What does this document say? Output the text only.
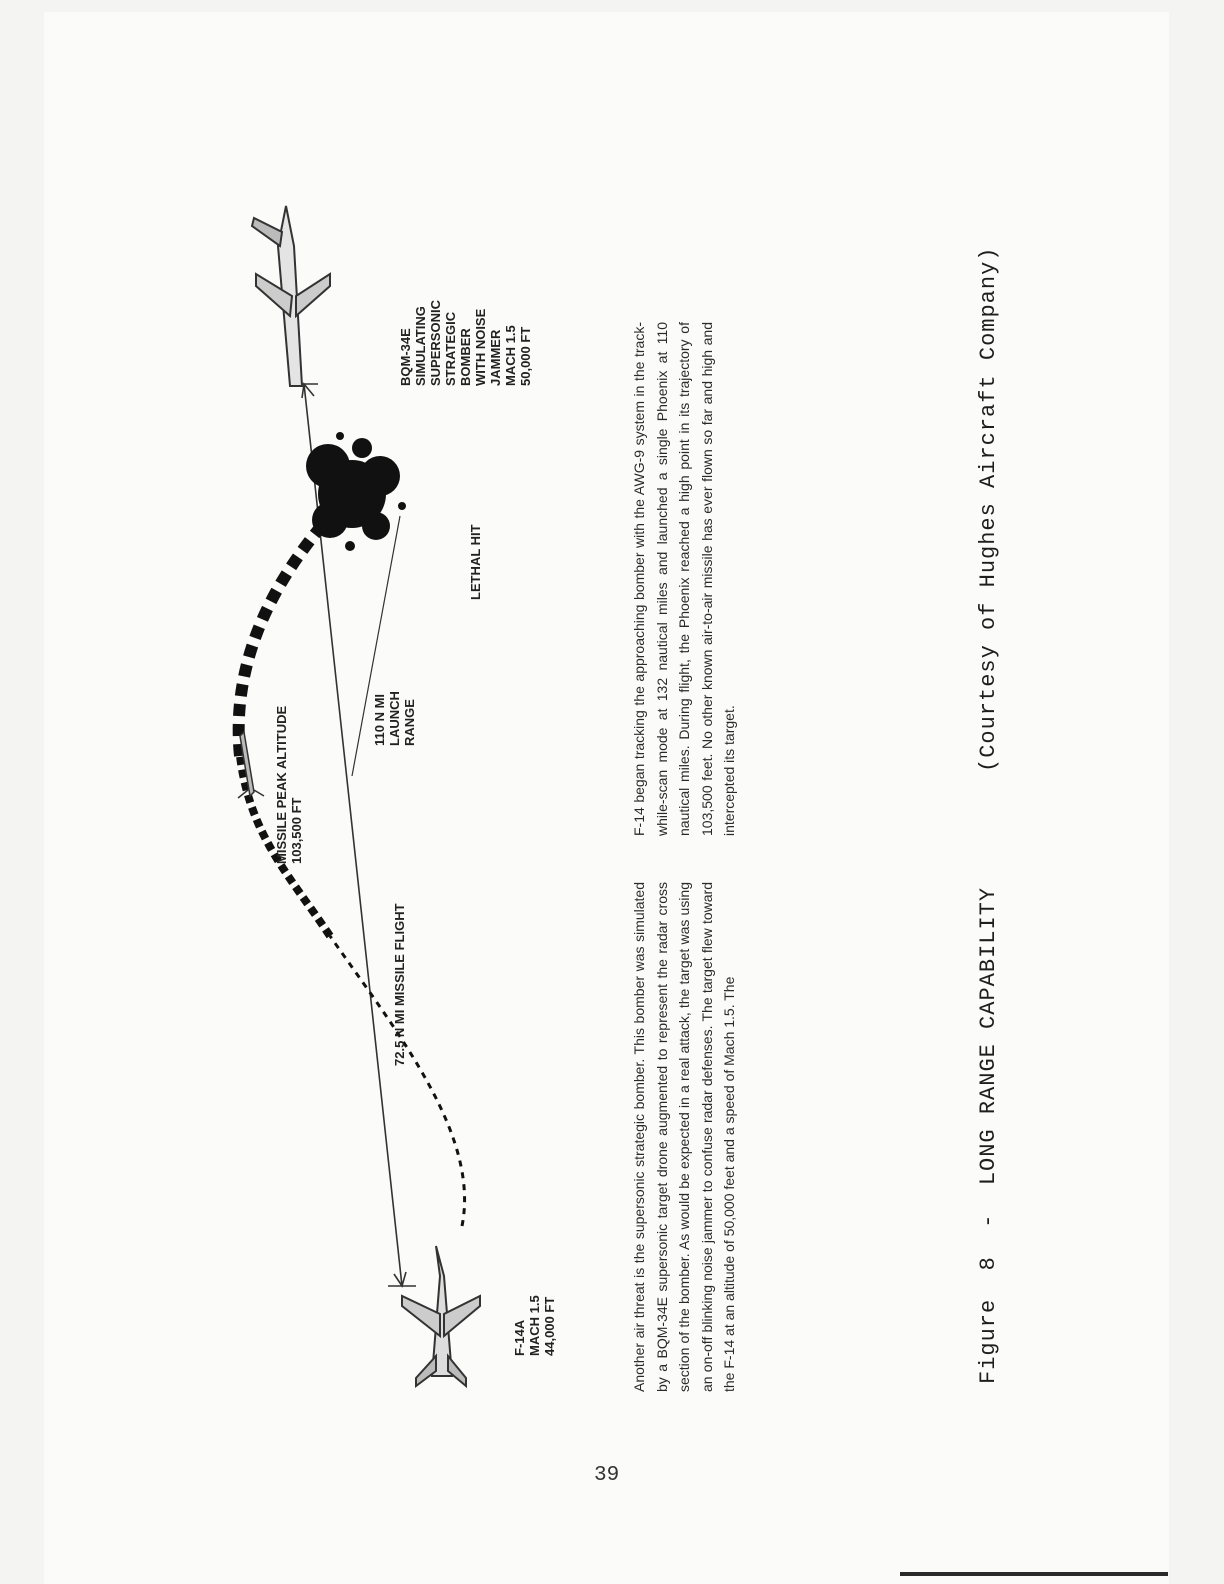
F-14A
MACH 1.5
44,000 FT
72.5 N MI MISSILE FLIGHT
MISSILE PEAK ALTITUDE
103,500 FT
110 N MI
LAUNCH
RANGE
LETHAL HIT
BQM-34E
SIMULATING
SUPERSONIC
STRATEGIC
BOMBER
WITH NOISE
JAMMER
MACH 1.5
50,000 FT
Another air threat is the supersonic strategic bomber. This bomber was simulated by a BQM-34E supersonic target drone augmented to represent the radar cross section of the bomber. As would be expected in a real attack, the target was using an on-off blinking noise jammer to confuse radar defenses. The target flew toward the F-14 at an altitude of 50,000 feet and a speed of Mach 1.5. The
F-14 began tracking the approaching bomber with the AWG-9 system in the track-while-scan mode at 132 nautical miles and launched a single Phoenix at 110 nautical miles. During flight, the Phoenix reached a high point in its trajectory of 103,500 feet. No other known air-to-air missile has ever flown so far and high and intercepted its target.
Figure  8  -  LONG RANGE CAPABILITY
(Courtesy of Hughes Aircraft Company)
39
